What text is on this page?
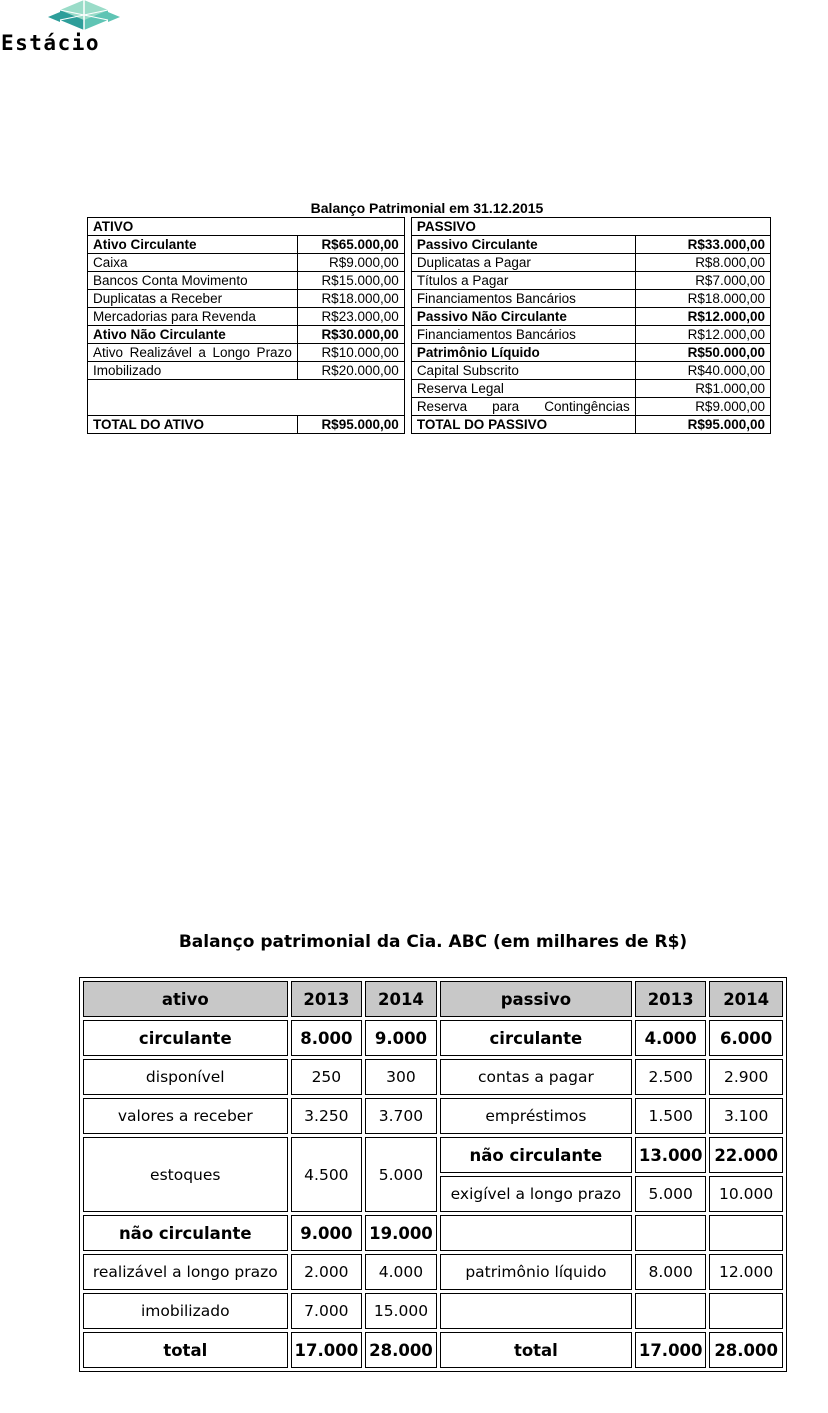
Estácio
Balanço Patrimonial em 31.12.2015
ATIVO			PASSIVO	
Ativo Circulante	R$65.000,00		Passivo Circulante	R$33.000,00
Caixa	R$9.000,00		Duplicatas a Pagar	R$8.000,00
Bancos Conta Movimento	R$15.000,00		Títulos a Pagar	R$7.000,00
Duplicatas a Receber	R$18.000,00		Financiamentos Bancários	R$18.000,00
Mercadorias para Revenda	R$23.000,00		Passivo Não Circulante	R$12.000,00
Ativo Não Circulante	R$30.000,00		Financiamentos Bancários	R$12.000,00
Ativo Realizável a Longo Prazo	R$10.000,00		Patrimônio Líquido	R$50.000,00
Imobilizado	R$20.000,00		Capital Subscrito	R$40.000,00
			Reserva Legal	R$1.000,00
			Reserva para Contingências	R$9.000,00
TOTAL DO ATIVO	R$95.000,00		TOTAL DO PASSIVO	R$95.000,00
Balanço patrimonial da Cia. ABC (em milhares de R$)
ativo	2013	2014	passivo	2013	2014
circulante	8.000	9.000	circulante	4.000	6.000
disponível	250	300	contas a pagar	2.500	2.900
valores a receber	3.250	3.700	empréstimos	1.500	3.100
estoques	4.500	5.000	não circulante	13.000	22.000
			exigível a longo prazo	5.000	10.000
não circulante	9.000	19.000			
realizável a longo prazo	2.000	4.000	patrimônio líquido	8.000	12.000
imobilizado	7.000	15.000			
total	17.000	28.000	total	17.000	28.000
